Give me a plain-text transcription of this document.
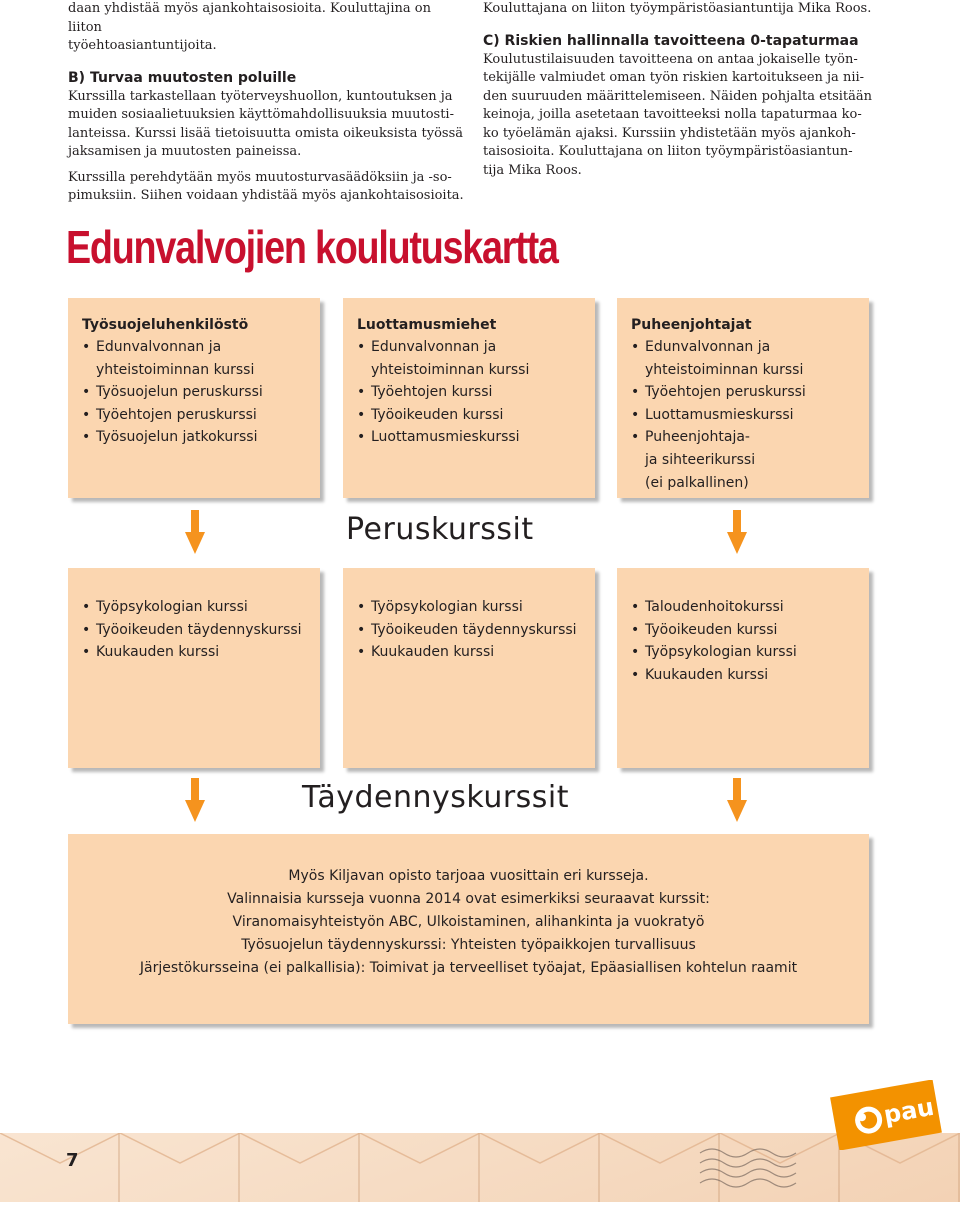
daan yhdistää myös ajankohtaisosioita. Kouluttajina on liiton

työehtoasiantuntijoita.

B) Turvaa muutosten poluille

Kurssilla tarkastellaan työterveyshuollon, kuntoutuksen ja

muiden sosiaalietuuksien käyttömahdollisuuksia muutosti-

lanteissa. Kurssi lisää tietoisuutta omista oikeuksista työssä

jaksamisen ja muutosten paineissa.

Kurssilla perehdytään myös muutosturvasäädöksiin ja -so-

pimuksiin. Siihen voidaan yhdistää myös ajankohtaisosioita.

Kouluttajana on liiton työympäristöasiantuntija Mika Roos.

C) Riskien hallinnalla tavoitteena 0-tapaturmaa

Koulutustilaisuuden tavoitteena on antaa jokaiselle työn-

tekijälle valmiudet oman työn riskien kartoitukseen ja nii-

den suuruuden määrittelemiseen. Näiden pohjalta etsitään

keinoja, joilla asetetaan tavoitteeksi nolla tapaturmaa ko-

ko työelämän ajaksi. Kurssiin yhdistetään myös ajankoh-

taisosioita. Kouluttajana on liiton työympäristöasiantun-

tija Mika Roos.

Edunvalvojien koulutuskartta
Työsuojeluhenkilöstö
• Edunvalvonnan ja
yhteistoiminnan kurssi
• Työsuojelun peruskurssi
• Työehtojen peruskurssi
• Työsuojelun jatkokurssi
Luottamusmiehet
• Edunvalvonnan ja
yhteistoiminnan kurssi
• Työehtojen kurssi
• Työoikeuden kurssi
• Luottamusmieskurssi
Puheenjohtajat
• Edunvalvonnan ja
yhteistoiminnan kurssi
• Työehtojen peruskurssi
• Luottamusmieskurssi
• Puheenjohtaja-
ja sihteerikurssi
(ei palkallinen)
Peruskurssit
• Työpsykologian kurssi
• Työoikeuden täydennyskurssi
• Kuukauden kurssi
• Työpsykologian kurssi
• Työoikeuden täydennyskurssi
• Kuukauden kurssi
• Taloudenhoitokurssi
• Työoikeuden kurssi
• Työpsykologian kurssi
• Kuukauden kurssi
Täydennyskurssit
Myös Kiljavan opisto tarjoaa vuosittain eri kursseja.
Valinnaisia kursseja vuonna 2014 ovat esimerkiksi seuraavat kurssit:
Viranomaisyhteistyön ABC, Ulkoistaminen, alihankinta ja vuokratyö
Työsuojelun täydennyskurssi: Yhteisten työpaikkojen turvallisuus
Järjestökursseina (ei palkallisia): Toimivat ja terveelliset työajat, Epäasiallisen kohtelun raamit
7
pau
